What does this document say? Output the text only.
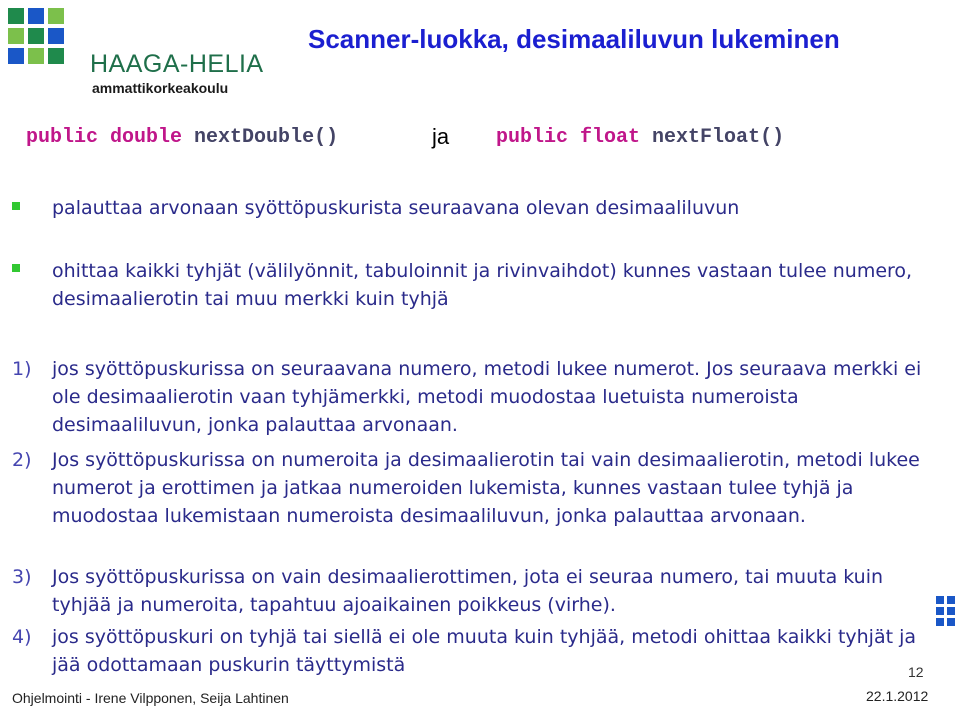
HAAGA-HELIA
ammattikorkeakoulu
Scanner-luokka, desimaaliluvun lukeminen
public double nextDouble()	ja public float nextFloat()

palauttaa arvonaan syöttöpuskurista seuraavana olevan desimaaliluvun

ohittaa kaikki tyhjät (välilyönnit, tabuloinnit ja rivinvaihdot) kunnes vastaan tulee numero, desimaalierotin tai muu merkki kuin tyhjä

1) jos syöttöpuskurissa on seuraavana numero, metodi lukee numerot. Jos seuraava merkki ei ole desimaalierotin vaan tyhjämerkki, metodi muodostaa luetuista numeroista desimaaliluvun, jonka palauttaa arvonaan.

2) Jos syöttöpuskurissa on numeroita ja desimaalierotin tai vain desimaalierotin, metodi lukee numerot ja erottimen ja jatkaa numeroiden lukemista, kunnes vastaan tulee tyhjä ja muodostaa lukemistaan numeroista desimaaliluvun, jonka palauttaa arvonaan.

3) Jos syöttöpuskurissa on vain desimaalierottimen, jota ei seuraa numero, tai muuta kuin tyhjää ja numeroita, tapahtuu ajoaikainen poikkeus (virhe).

4) jos syöttöpuskuri on tyhjä tai siellä ei ole muuta kuin tyhjää, metodi ohittaa kaikki tyhjät ja jää odottamaan puskurin täyttymistä	12
Ohjelmointi - Irene Vilpponen, Seija Lahtinen	22.1.2012
